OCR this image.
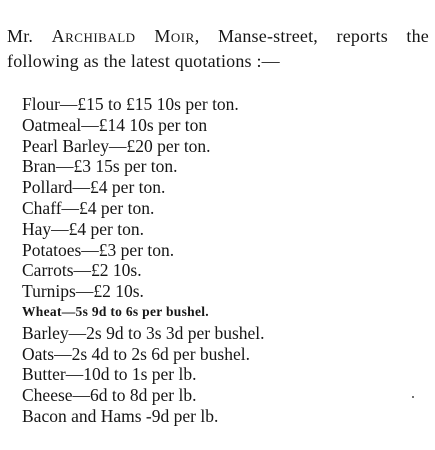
Mr. Archibald Moir, Manse-street, reports the following as the latest quotations :—

Flour—£15 to £15 10s per ton.
Oatmeal—£14 10s per ton
Pearl Barley—£20 per ton.
Bran—£3 15s per ton.
Pollard—£4 per ton.
Chaff—£4 per ton.
Hay—£4 per ton.
Potatoes—£3 per ton.
Carrots—£2 10s.
Turnips—£2 10s.
Wheat—5s 9d to 6s per bushel.
Barley—2s 9d to 3s 3d per bushel.
Oats—2s 4d to 2s 6d per bushel.
Butter—10d to 1s per lb.
Cheese—6d to 8d per lb.
Bacon and Hams -9d per lb.
